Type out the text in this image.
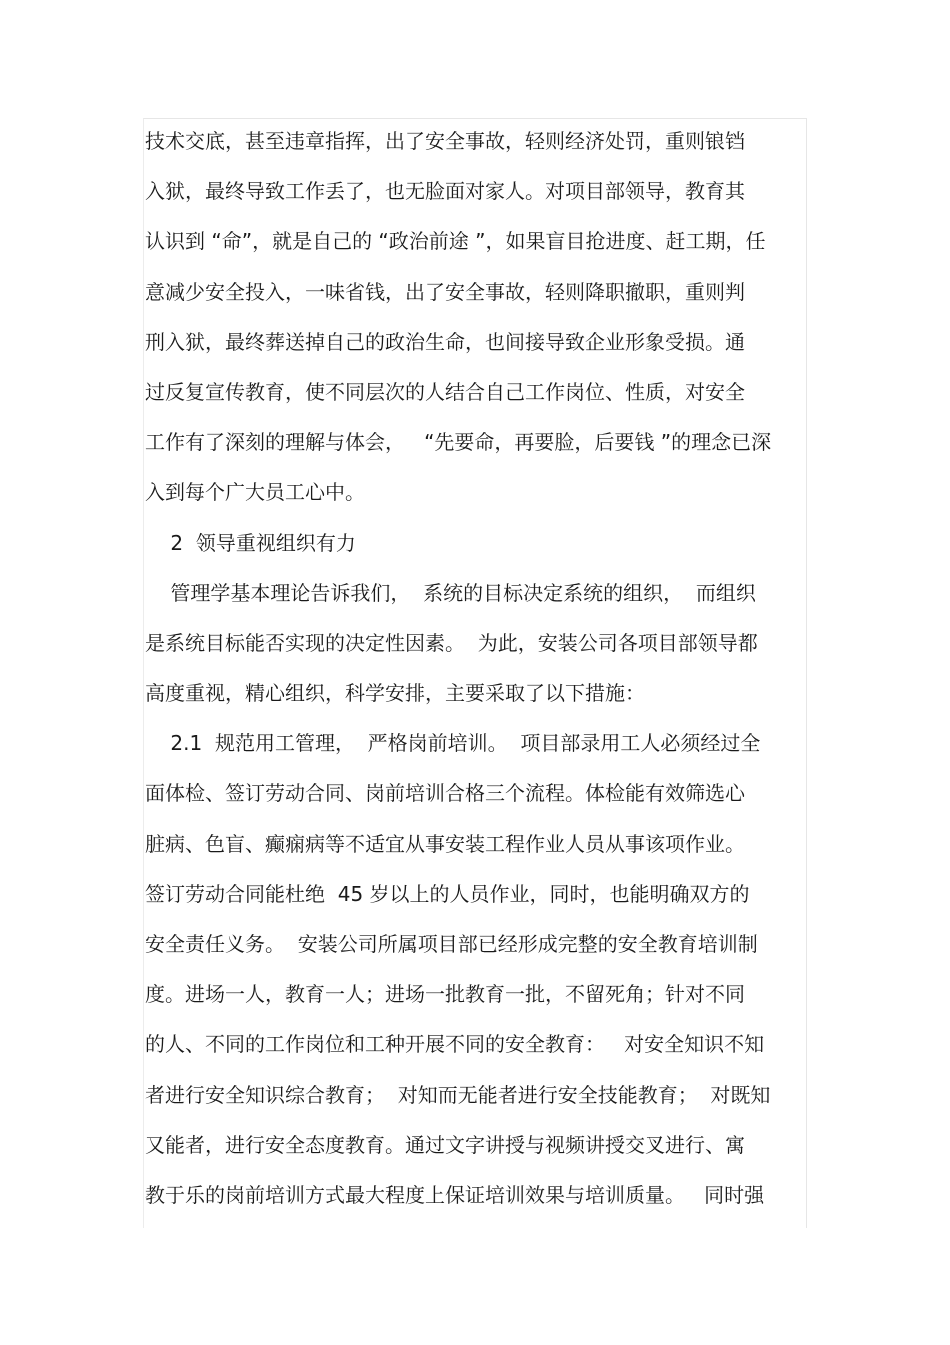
技术交底，甚至违章指挥，出了安全事故，轻则经济处罚，重则锒铛
入狱，最终导致工作丢了，也无脸面对家人。对项目部领导，教育其
认识到 “命”，就是自己的 “政治前途 ”，如果盲目抢进度、赶工期，任
意减少安全投入，一味省钱，出了安全事故，轻则降职撤职，重则判
刑入狱，最终葬送掉自己的政治生命，也间接导致企业形象受损。通
过反复宣传教育，使不同层次的人结合自己工作岗位、性质，对安全
工作有了深刻的理解与体会，   “先要命，再要脸，后要钱 ”的理念已深
入到每个广大员工心中。
2  领导重视组织有力
管理学基本理论告诉我们，  系统的目标决定系统的组织，  而组织
是系统目标能否实现的决定性因素。  为此，安装公司各项目部领导都
高度重视，精心组织，科学安排，主要采取了以下措施：
2.1  规范用工管理，  严格岗前培训。  项目部录用工人必须经过全
面体检、签订劳动合同、岗前培训合格三个流程。体检能有效筛选心
脏病、色盲、癫痫病等不适宜从事安装工程作业人员从事该项作业。
签订劳动合同能杜绝  45 岁以上的人员作业，同时，也能明确双方的
安全责任义务。  安装公司所属项目部已经形成完整的安全教育培训制
度。进场一人，教育一人；进场一批教育一批，不留死角；针对不同
的人、不同的工作岗位和工种开展不同的安全教育：   对安全知识不知
者进行安全知识综合教育；  对知而无能者进行安全技能教育；  对既知
又能者，进行安全态度教育。通过文字讲授与视频讲授交叉进行、寓
教于乐的岗前培训方式最大程度上保证培训效果与培训质量。   同时强
